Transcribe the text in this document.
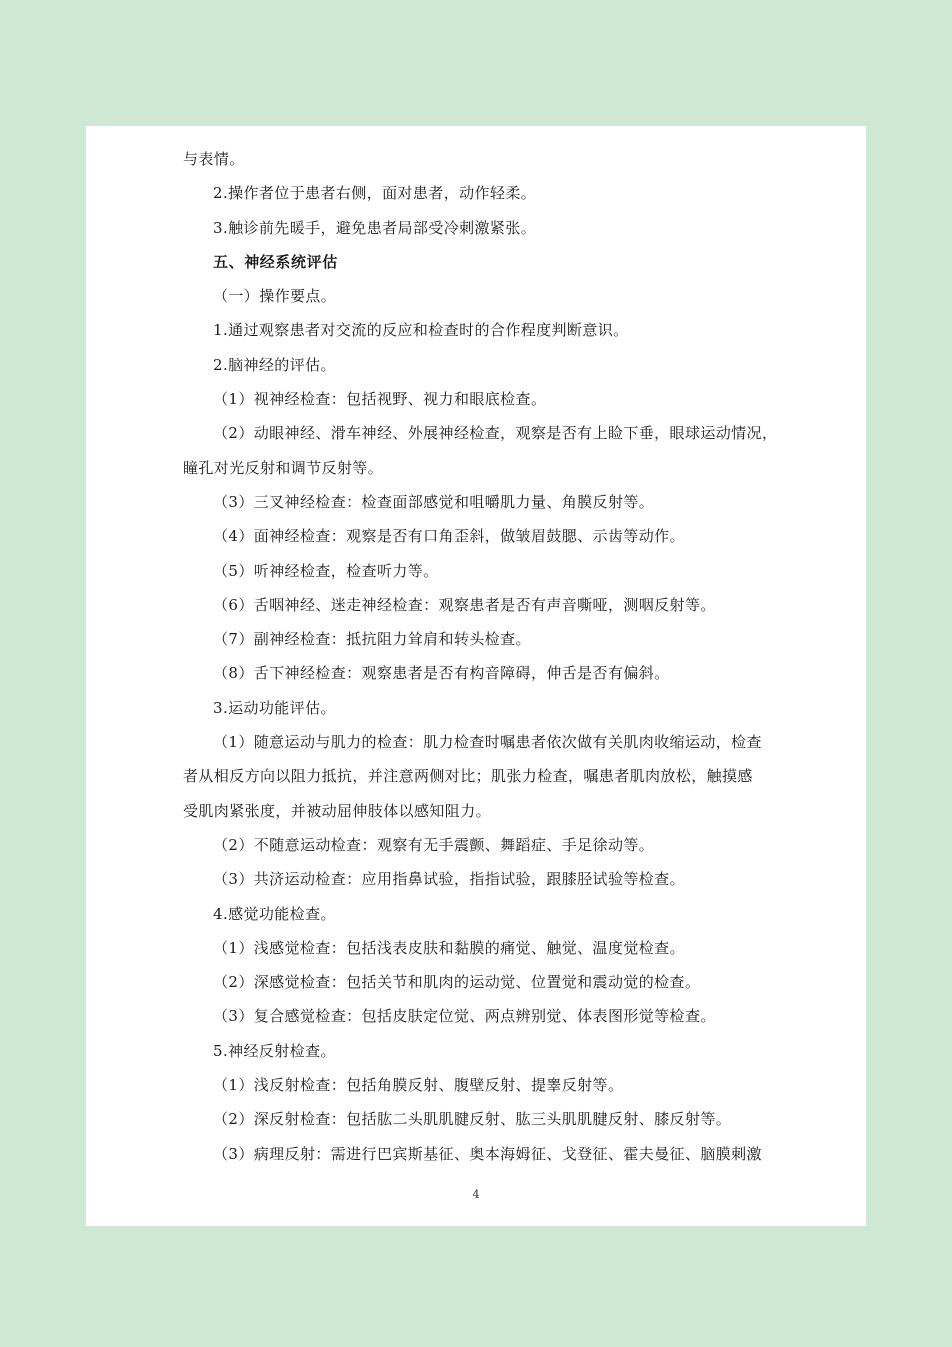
与表情。
2.操作者位于患者右侧，面对患者，动作轻柔。
3.触诊前先暖手，避免患者局部受冷刺激紧张。
五、神经系统评估
（一）操作要点。
1.通过观察患者对交流的反应和检查时的合作程度判断意识。
2.脑神经的评估。
（1）视神经检查：包括视野、视力和眼底检查。
（2）动眼神经、滑车神经、外展神经检查，观察是否有上睑下垂，眼球运动情况，
瞳孔对光反射和调节反射等。
（3）三叉神经检查：检查面部感觉和咀嚼肌力量、角膜反射等。
（4）面神经检查：观察是否有口角歪斜，做皱眉鼓腮、示齿等动作。
（5）听神经检查，检查听力等。
（6）舌咽神经、迷走神经检查：观察患者是否有声音嘶哑，测咽反射等。
（7）副神经检查：抵抗阻力耸肩和转头检查。
（8）舌下神经检查：观察患者是否有构音障碍，伸舌是否有偏斜。
3.运动功能评估。
（1）随意运动与肌力的检查：肌力检查时嘱患者依次做有关肌肉收缩运动，检查
者从相反方向以阻力抵抗，并注意两侧对比；肌张力检查，嘱患者肌肉放松，触摸感
受肌肉紧张度，并被动屈伸肢体以感知阻力。
（2）不随意运动检查：观察有无手震颤、舞蹈症、手足徐动等。
（3）共济运动检查：应用指鼻试验，指指试验，跟膝胫试验等检查。
4.感觉功能检查。
（1）浅感觉检查：包括浅表皮肤和黏膜的痛觉、触觉、温度觉检查。
（2）深感觉检查：包括关节和肌肉的运动觉、位置觉和震动觉的检查。
（3）复合感觉检查：包括皮肤定位觉、两点辨别觉、体表图形觉等检查。
5.神经反射检查。
（1）浅反射检查：包括角膜反射、腹壁反射、提睾反射等。
（2）深反射检查：包括肱二头肌肌腱反射、肱三头肌肌腱反射、膝反射等。
（3）病理反射：需进行巴宾斯基征、奥本海姆征、戈登征、霍夫曼征、脑膜刺激
4
